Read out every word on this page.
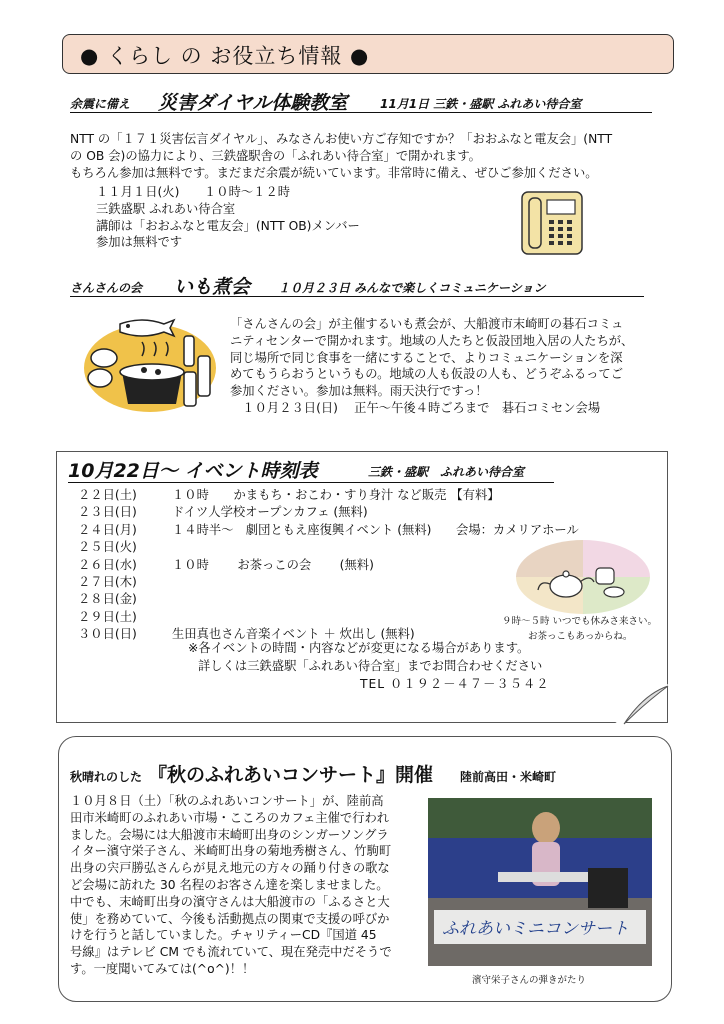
● くらし の お役立ち情報 ●
余震に備え 災害ダイヤル体験教室	11月1日 三鉄・盛駅 ふれあい待合室
NTT の「１７１災害伝言ダイヤル」、みなさんお使い方ご存知ですか？「おおふなと電友会」(NTT
の OB 会)の協力により、三鉄盛駅舎の「ふれあい待合室」で開かれます。
もちろん参加は無料です。まだまだ余震が続いています。非常時に備え、ぜひご参加ください。
１１月１日(火)　　１０時～１２時
三鉄盛駅 ふれあい待合室
講師は「おおふなと電友会」(NTT OB)メンバー
参加は無料です
さんさんの会 いも煮会 １０月２３日 みんなで楽しくコミュニケーション
「さんさんの会」が主催するいも煮会が、大船渡市末崎町の碁石コミュ
ニティセンターで開かれます。地域の人たちと仮設団地入居の人たちが、
同じ場所で同じ食事を一緒にすることで、よりコミュニケーションを深
めてもうらおうというもの。地域の人も仮設の人も、どうぞふるってご
参加ください。参加は無料。雨天決行ですっ！
　１０月２３日(日)　 正午～午後４時ごろまで　碁石コミセン会場
10月22日～ イベント時刻表	三鉄・盛駅　ふれあい待合室
２２日(土)	１０時　　かまもち・おこわ・すり身汁 など販売 【有料】
２３日(日)	ドイツ人学校オープンカフェ (無料)
２４日(月)	１４時半～　劇団ともえ座復興イベント (無料)　　会場：カメリアホール
２５日(火)
２６日(水)	１０時　　 お茶っこの会　　 (無料)
２７日(木)
２８日(金)
２９日(土)
３０日(日)	生田真也さん音楽イベント ＋ 炊出し (無料)
※各イベントの時間・内容などが変更になる場合があります。
詳しくは三鉄盛駅「ふれあい待合室」までお問合わせください
TEL ０１９２－４７－３５４２
９時～５時 いつでも休みさ来さい。
お茶っこもあっからね。
秋晴れのした 『秋のふれあいコンサート』開催 陸前高田・米崎町
１０月８日（土）「秋のふれあいコンサート」が、陸前高
田市米崎町のふれあい市場・こころのカフェ主催で行われ
ました。会場には大船渡市末崎町出身のシンガーソングラ
イター濱守栄子さん、米崎町出身の菊地秀樹さん、竹駒町
出身の宍戸勝弘さんらが見え地元の方々の踊り付きの歌な
ど会場に訪れた 30 名程のお客さん達を楽しませました。
中でも、末崎町出身の濱守さんは大船渡市の「ふるさと大
使」を務めていて、今後も活動拠点の関東で支援の呼びか
けを行うと話していました。チャリティーCD『国道 45
号線』はテレビ CM でも流れていて、現在発売中だそうで
す。一度聞いてみては(^o^)！！
ふれあいミニコンサート
濱守栄子さんの弾きがたり
